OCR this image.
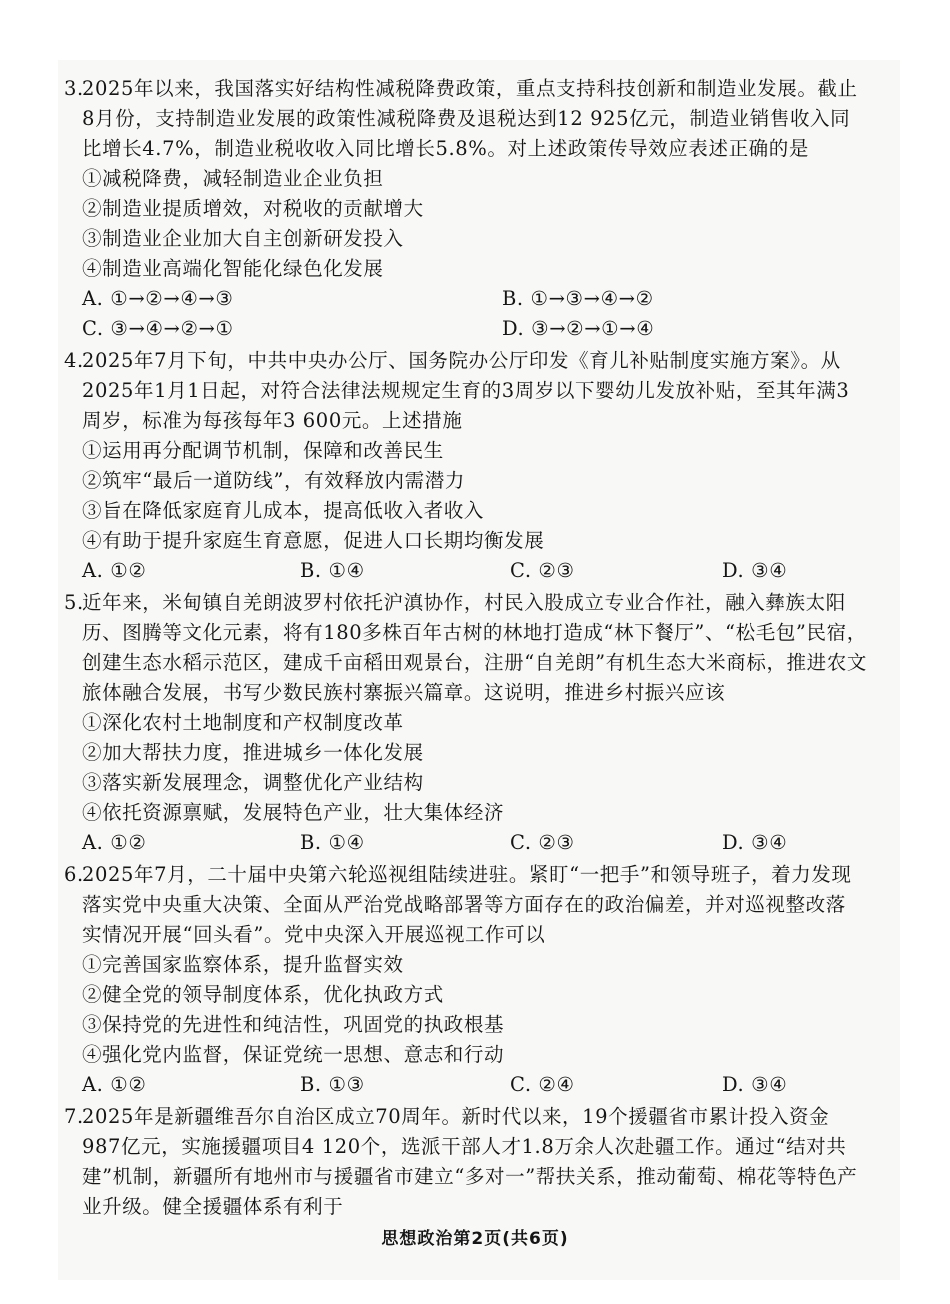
3.2025年以来，我国落实好结构性减税降费政策，重点支持科技创新和制造业发展。截止
8月份，支持制造业发展的政策性减税降费及退税达到12 925亿元，制造业销售收入同
比增长4.7%，制造业税收收入同比增长5.8%。对上述政策传导效应表述正确的是
①减税降费，减轻制造业企业负担
②制造业提质增效，对税收的贡献增大
③制造业企业加大自主创新研发投入
④制造业高端化智能化绿色化发展
A. ①→②→④→③	B. ①→③→④→②
C. ③→④→②→①	D. ③→②→①→④
4.2025年7月下旬，中共中央办公厅、国务院办公厅印发《育儿补贴制度实施方案》。从
2025年1月1日起，对符合法律法规规定生育的3周岁以下婴幼儿发放补贴，至其年满3
周岁，标准为每孩每年3 600元。上述措施
①运用再分配调节机制，保障和改善民生
②筑牢“最后一道防线”，有效释放内需潜力
③旨在降低家庭育儿成本，提高低收入者收入
④有助于提升家庭生育意愿，促进人口长期均衡发展
A. ①②	B. ①④	C. ②③	D. ③④
5.近年来，米甸镇自羌朗波罗村依托沪滇协作，村民入股成立专业合作社，融入彝族太阳
历、图腾等文化元素，将有180多株百年古树的林地打造成“林下餐厅”、“松毛包”民宿，
创建生态水稻示范区，建成千亩稻田观景台，注册“自羌朗”有机生态大米商标，推进农文
旅体融合发展，书写少数民族村寨振兴篇章。这说明，推进乡村振兴应该
①深化农村土地制度和产权制度改革
②加大帮扶力度，推进城乡一体化发展
③落实新发展理念，调整优化产业结构
④依托资源禀赋，发展特色产业，壮大集体经济
A. ①②	B. ①④	C. ②③	D. ③④
6.2025年7月，二十届中央第六轮巡视组陆续进驻。紧盯“一把手”和领导班子，着力发现
落实党中央重大决策、全面从严治党战略部署等方面存在的政治偏差，并对巡视整改落
实情况开展“回头看”。党中央深入开展巡视工作可以
①完善国家监察体系，提升监督实效
②健全党的领导制度体系，优化执政方式
③保持党的先进性和纯洁性，巩固党的执政根基
④强化党内监督，保证党统一思想、意志和行动
A. ①②	B. ①③	C. ②④	D. ③④
7.2025年是新疆维吾尔自治区成立70周年。新时代以来，19个援疆省市累计投入资金
987亿元，实施援疆项目4 120个，选派干部人才1.8万余人次赴疆工作。通过“结对共
建”机制，新疆所有地州市与援疆省市建立“多对一”帮扶关系，推动葡萄、棉花等特色产
业升级。健全援疆体系有利于
思想政治第2页(共6页)
